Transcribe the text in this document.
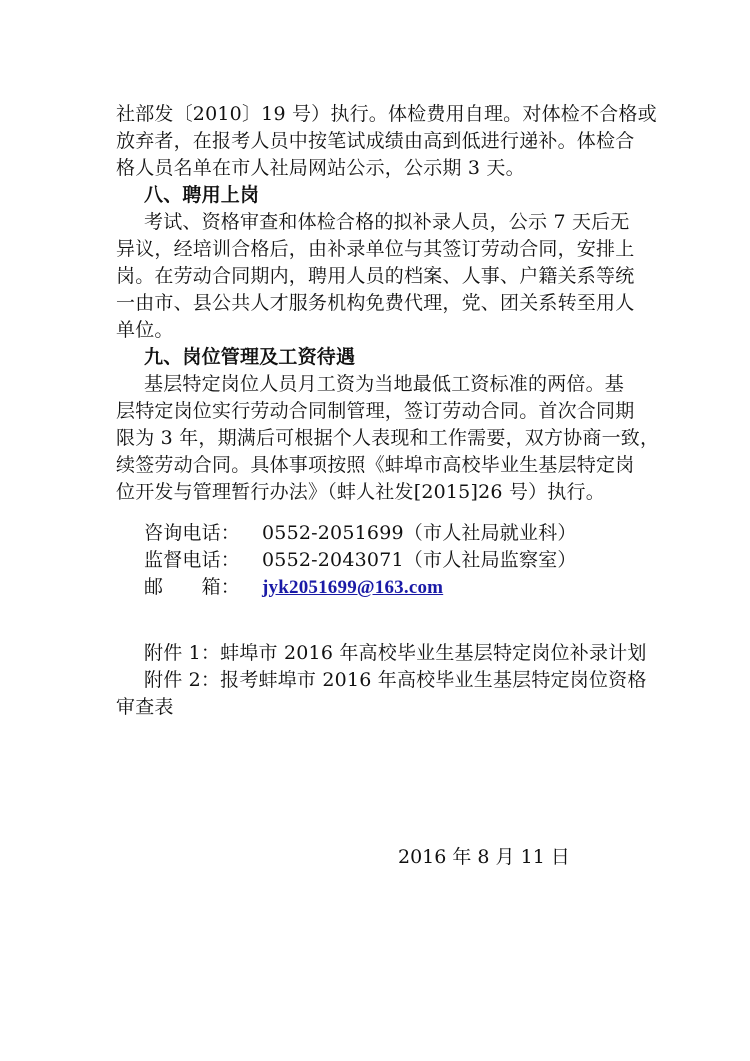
社部发〔2010〕19 号）执行。体检费用自理。对体检不合格或
放弃者，在报考人员中按笔试成绩由高到低进行递补。体检合
格人员名单在市人社局网站公示，公示期 3 天。
八、聘用上岗
考试、资格审查和体检合格的拟补录人员，公示 7 天后无
异议，经培训合格后，由补录单位与其签订劳动合同，安排上
岗。在劳动合同期内，聘用人员的档案、人事、户籍关系等统
一由市、县公共人才服务机构免费代理，党、团关系转至用人
单位。
九、岗位管理及工资待遇
基层特定岗位人员月工资为当地最低工资标准的两倍。基
层特定岗位实行劳动合同制管理，签订劳动合同。首次合同期
限为 3 年，期满后可根据个人表现和工作需要，双方协商一致，
续签劳动合同。具体事项按照《蚌埠市高校毕业生基层特定岗
位开发与管理暂行办法》（蚌人社发[2015]26 号）执行。
咨询电话： 0552-2051699（市人社局就业科）
监督电话： 0552-2043071（市人社局监察室）
邮　　箱： jyk2051699@163.com
附件 1：蚌埠市 2016 年高校毕业生基层特定岗位补录计划
附件 2：报考蚌埠市 2016 年高校毕业生基层特定岗位资格
审查表
2016 年 8 月 11 日
